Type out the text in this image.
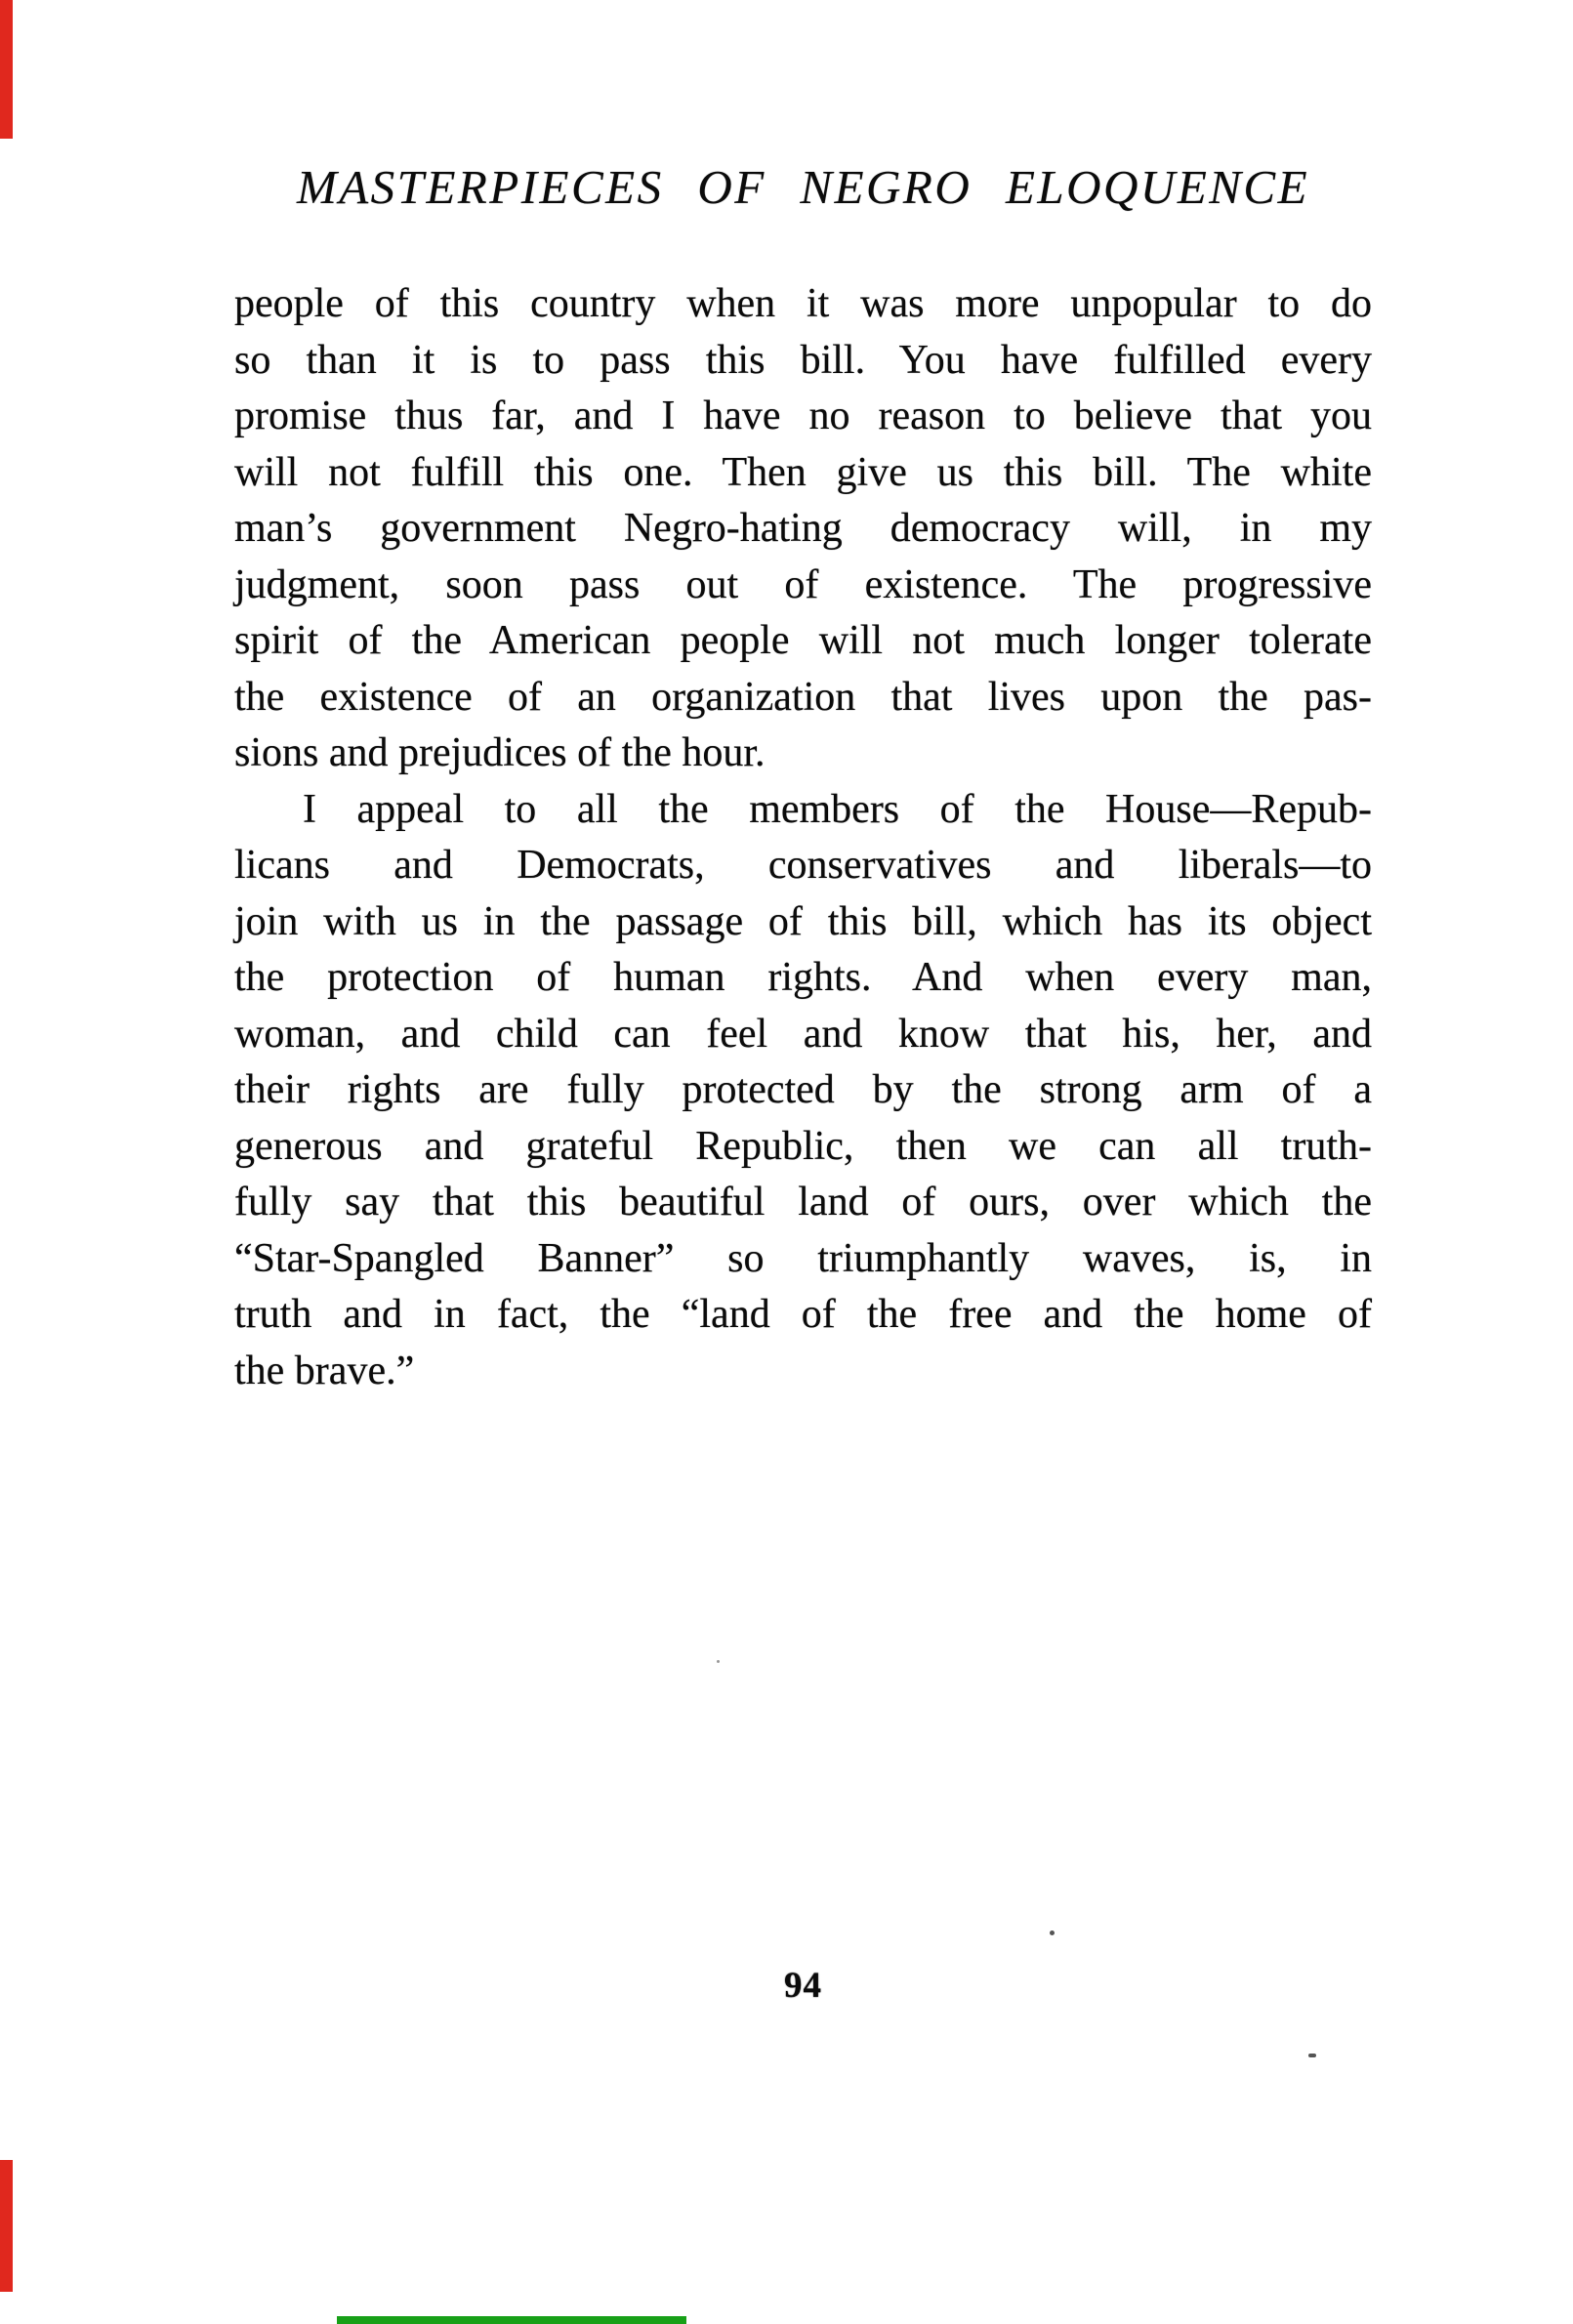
MASTERPIECES OF NEGRO ELOQUENCE
people of this country when it was more unpopular to do
so than it is to pass this bill. You have fulfilled every
promise thus far, and I have no reason to believe that you
will not fulfill this one. Then give us this bill. The white
man’s government Negro-hating democracy will, in my
judgment, soon pass out of existence. The progressive
spirit of the American people will not much longer tolerate
the existence of an organization that lives upon the pas-
sions and prejudices of the hour.
I appeal to all the members of the House—Repub-
licans and Democrats, conservatives and liberals—to
join with us in the passage of this bill, which has its object
the protection of human rights. And when every man,
woman, and child can feel and know that his, her, and
their rights are fully protected by the strong arm of a
generous and grateful Republic, then we can all truth-
fully say that this beautiful land of ours, over which the
“Star-Spangled Banner” so triumphantly waves, is, in
truth and in fact, the “land of the free and the home of
the brave.”
94
